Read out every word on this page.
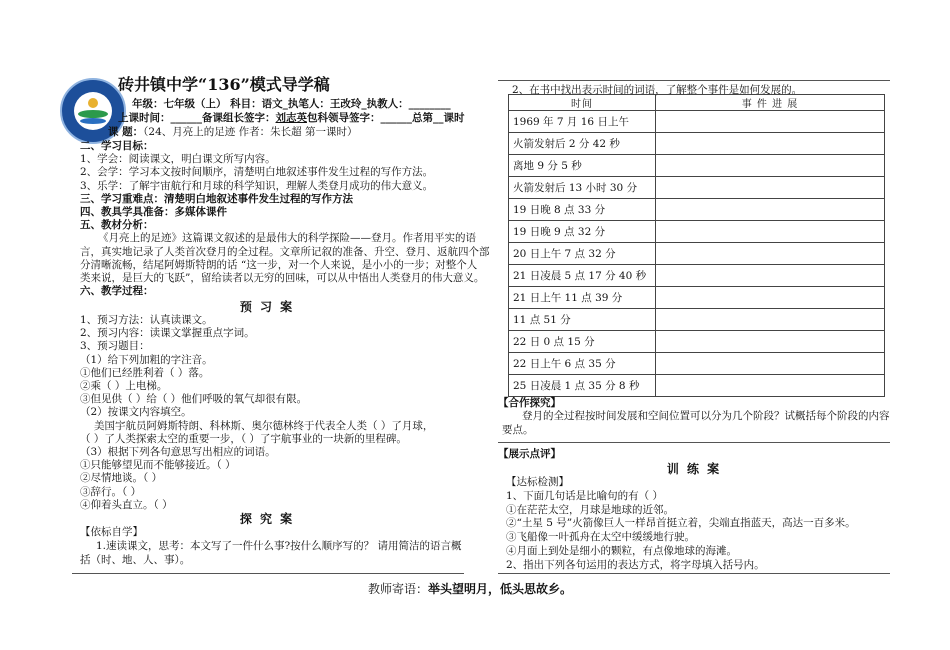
砖井镇中学“136”模式导学稿
年级：七年级（上） 科目：语文_执笔人：王改玲_执教人：________
上课时间：______备课组长签字：刘志英包科领导签字：______总第__课时
课 题：（24、月亮上的足迹 作者：朱长超 第一课时）
二、学习目标：
1、学会：阅读课文，明白课文所写内容。
2、会学：学习本文按时间顺序，清楚明白地叙述事件发生过程的写作方法。
3、乐学：了解宇宙航行和月球的科学知识，理解人类登月成功的伟大意义。
三、学习重难点：清楚明白地叙述事件发生过程的写作方法
四、教具学具准备：多媒体课件
五、教材分析：
《月亮上的足迹》这篇课文叙述的是最伟大的科学探险——登月。作者用平实的语
言，真实地记录了人类首次登月的全过程。文章所记叙的准备、升空、登月、返航四个部
分清晰流畅，结尾阿姆斯特朗的话 “这一步，对一个人来说，是小小的一步；对整个人
类来说，是巨大的飞跃”，留给读者以无穷的回味，可以从中悟出人类登月的伟大意义。
六、教学过程：
预 习 案
1、预习方法：认真读课文。
2、预习内容：读课文掌握重点字词。
3、预习题目：
（1）给下列加粗的字注音。
①他们已经胜利着（ ）落。
②乘（ ）上电梯。
③但见供（ ）给（ ）他们呼吸的氧气却很有限。
（2）按课文内容填空。
美国宇航员阿姆斯特朗、科林斯、奥尔德林终于代表全人类（ ）了月球，
（ ）了人类探索太空的重要一步，（ ）了宇航事业的一块新的里程碑。
（3）根据下列各句意思写出相应的词语。
①只能够望见而不能够接近。（ ）
②尽情地谈。（ ）
③辞行。（ ）
④仰着头直立。（ ）
探 究 案
【依标自学】
1.速读课文，思考：本文写了一件什么事?按什么顺序写的？ 请用简洁的语言概
括（时、地、人、事）。
2、在书中找出表示时间的词语，了解整个事件是如何发展的。
时间	事 件 进 展
1969 年 7 月 16 日上午	
火箭发射后 2 分 42 秒	
离地 9 分 5 秒	
火箭发射后 13 小时 30 分	
19 日晚 8 点 33 分	
19 日晚 9 点 32 分	
20 日上午 7 点 32 分	
21 日凌晨 5 点 17 分 40 秒	
21 日上午 11 点 39 分	
11 点 51 分	
22 日 0 点 15 分	
22 日上午 6 点 35 分	
25 日凌晨 1 点 35 分 8 秒	
【合作探究】
登月的全过程按时间发展和空间位置可以分为几个阶段？试概括每个阶段的内容
要点。
【展示点评】
训 练 案
【达标检测】
1、下面几句话是比喻句的有（ ）
①在茫茫太空，月球是地球的近邻。
②“土星 5 号”火箭像巨人一样昂首挺立着，尖端直指蓝天，高达一百多米。
③飞船像一叶孤舟在太空中缓缓地行驶。
④月面上到处是细小的颗粒，有点像地球的海滩。
2、指出下列各句运用的表达方式，将字母填入括号内。
教师寄语：举头望明月，低头思故乡。
